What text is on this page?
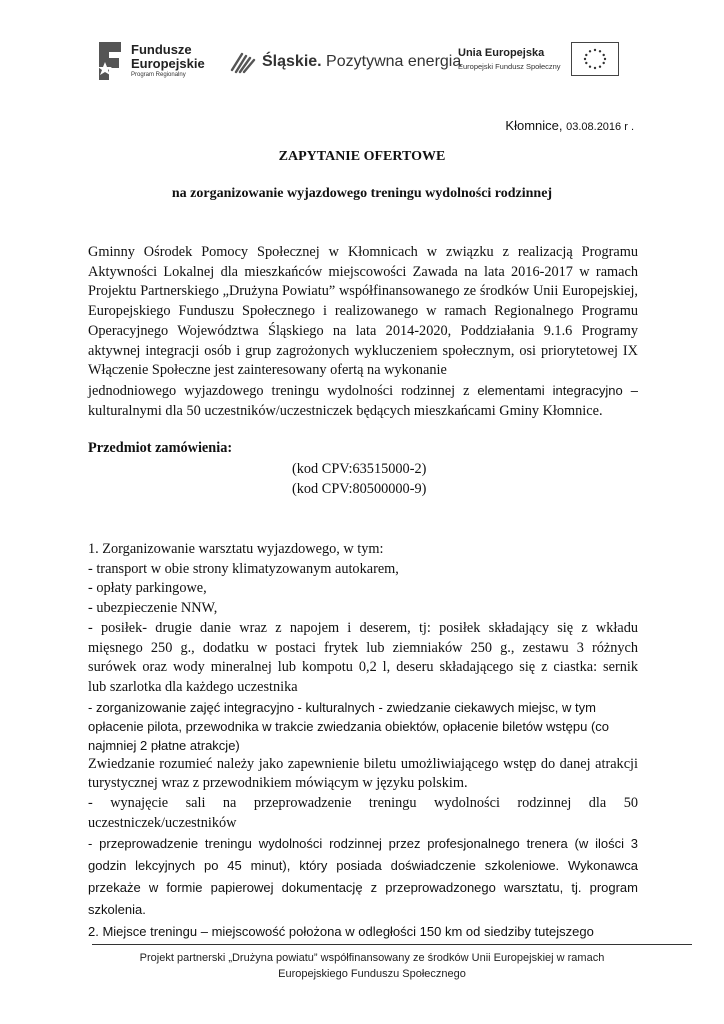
Fundusze
Europejskie
Program Regionalny
Śląskie. Pozytywna energia
Unia Europejska
Europejski Fundusz Społeczny
Kłomnice, 03.08.2016 r .
ZAPYTANIE OFERTOWE
na zorganizowanie wyjazdowego treningu wydolności rodzinnej
Gminny Ośrodek Pomocy Społecznej w Kłomnicach w związku z realizacją Programu Aktywności Lokalnej dla mieszkańców miejscowości Zawada na lata 2016-2017 w ramach Projektu Partnerskiego „Drużyna Powiatu” współfinansowanego ze środków Unii Europejskiej, Europejskiego Funduszu Społecznego i realizowanego w ramach Regionalnego Programu Operacyjnego Województwa Śląskiego na lata 2014-2020, Poddziałania 9.1.6 Programy aktywnej integracji osób i grup zagrożonych wykluczeniem społecznym, osi priorytetowej IX Włączenie Społeczne jest zainteresowany ofertą na wykonanie
jednodniowego wyjazdowego treningu wydolności rodzinnej z elementami integracyjno –
kulturalnymi dla 50 uczestników/uczestniczek będących mieszkańcami Gminy Kłomnice.
Przedmiot zamówienia:
(kod CPV:63515000-2)
(kod CPV:80500000-9)
1. Zorganizowanie warsztatu wyjazdowego, w tym:
- transport w obie strony klimatyzowanym autokarem,
- opłaty parkingowe,
- ubezpieczenie NNW,
- posiłek- drugie danie wraz z napojem i deserem, tj: posiłek składający się z wkładu
mięsnego 250 g., dodatku w postaci frytek lub ziemniaków 250 g., zestawu 3 różnych
surówek oraz wody mineralnej lub kompotu 0,2 l, deseru składającego się z ciastka: sernik
lub szarlotka dla każdego uczestnika
- zorganizowanie zajęć integracyjno - kulturalnych - zwiedzanie ciekawych miejsc, w tym
opłacenie pilota, przewodnika w trakcie zwiedzania obiektów, opłacenie biletów wstępu (co
najmniej 2 płatne atrakcje)
Zwiedzanie rozumieć należy jako zapewnienie biletu umożliwiającego wstęp do danej atrakcji
turystycznej wraz z przewodnikiem mówiącym w języku polskim.
- wynajęcie sali na przeprowadzenie treningu wydolności rodzinnej dla 50
uczestniczek/uczestników
- przeprowadzenie treningu wydolności rodzinnej przez profesjonalnego trenera (w ilości 3
godzin lekcyjnych po 45 minut), który posiada doświadczenie szkoleniowe. Wykonawca
przekaże w formie papierowej dokumentację z przeprowadzonego warsztatu, tj. program
szkolenia.
2. Miejsce treningu – miejscowość położona w odległości 150 km od siedziby tutejszego
Projekt partnerski „Drużyna powiatu” współfinansowany ze środków Unii Europejskiej w ramach
Europejskiego Funduszu Społecznego
